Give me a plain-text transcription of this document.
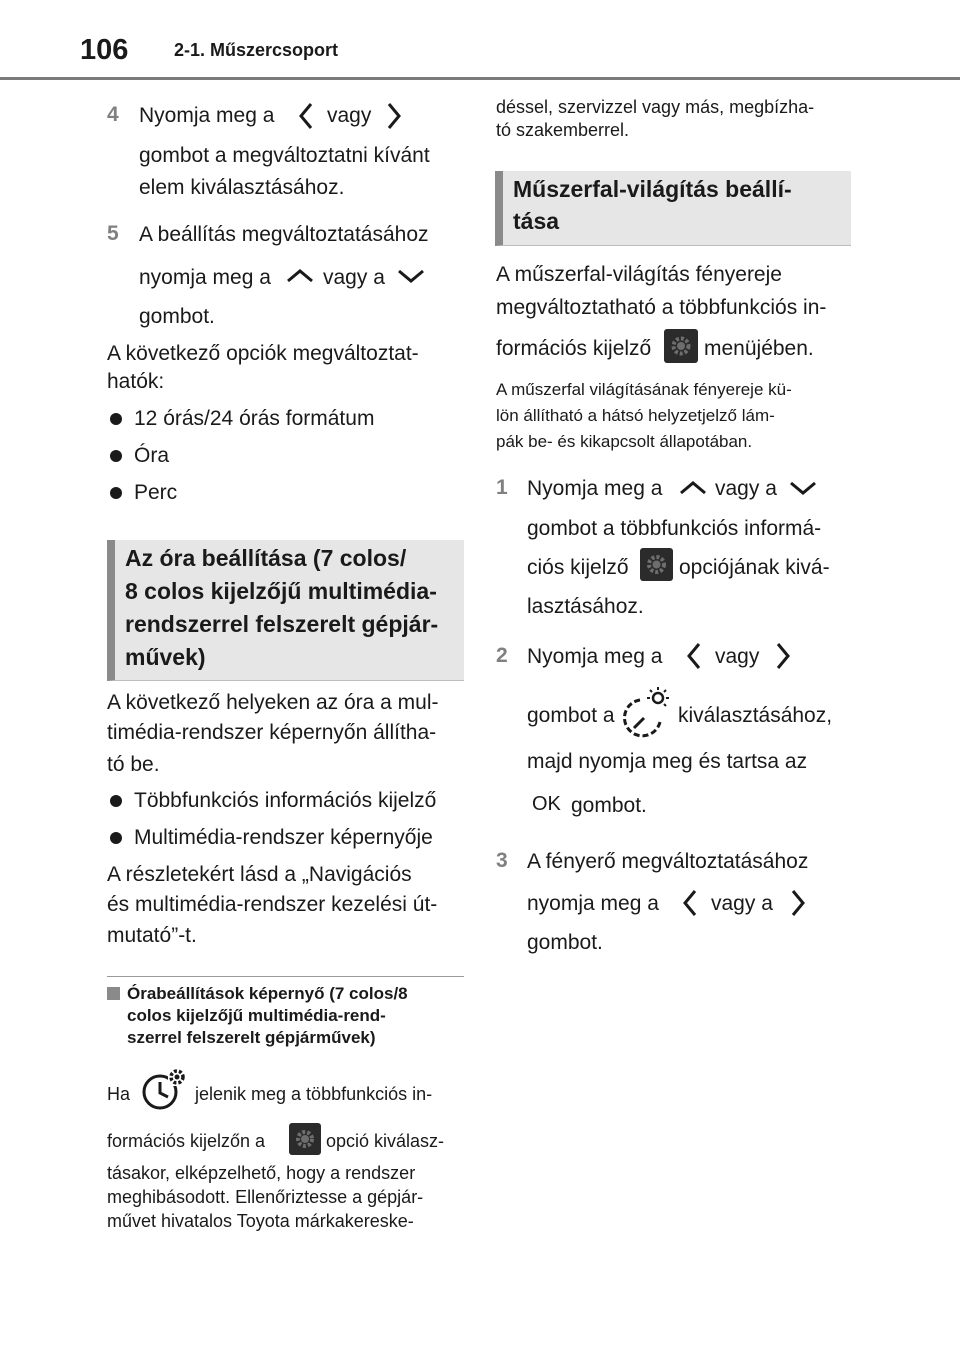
106	2-1. Műszercsoport
4 Nyomja meg a	vagy
gombot a megváltoztatni kívánt
elem kiválasztásához.
5 A beállítás megváltoztatásához
nyomja meg a vagy a
gombot.
A következő opciók megváltoztat-
hatók:
12 órás/24 órás formátum
Óra
Perc
Az óra beállítása (7 colos/
8 colos kijelzőjű multimédia-
rendszerrel felszerelt gépjár-
művek)
A következő helyeken az óra a mul-
timédia-rendszer képernyőn állítha-
tó be.
Többfunkciós információs kijelző
Multimédia-rendszer képernyője
A részletekért lásd a „Navigációs
és multimédia-rendszer kezelési út-
mutató”-t.
Órabeállítások képernyő (7 colos/8
colos kijelzőjű multimédia-rend-
szerrel felszerelt gépjárművek)
Ha	jelenik meg a többfunkciós in-
formációs kijelzőn a	opció kiválasz-
tásakor, elképzelhető, hogy a rendszer
meghibásodott. Ellenőriztesse a gépjár-
művet hivatalos Toyota márkakereske-
déssel, szervizzel vagy más, megbízha-
tó szakemberrel.
Műszerfal-világítás beállí-
tása
A műszerfal-világítás fényereje
megváltoztatható a többfunkciós in-
formációs kijelző	menüjében.
A műszerfal világításának fényereje kü-
lön állítható a hátsó helyzetjelző lám-
pák be- és kikapcsolt állapotában.
1 Nyomja meg a	vagy a
gombot a többfunkciós informá-
ciós kijelző opciójának kivá-
lasztásához.
2 Nyomja meg a	vagy
gombot a	kiválasztásához,
majd nyomja meg és tartsa az
OK gombot.
3 A fényerő megváltoztatásához
nyomja meg a vagy a
gombot.
